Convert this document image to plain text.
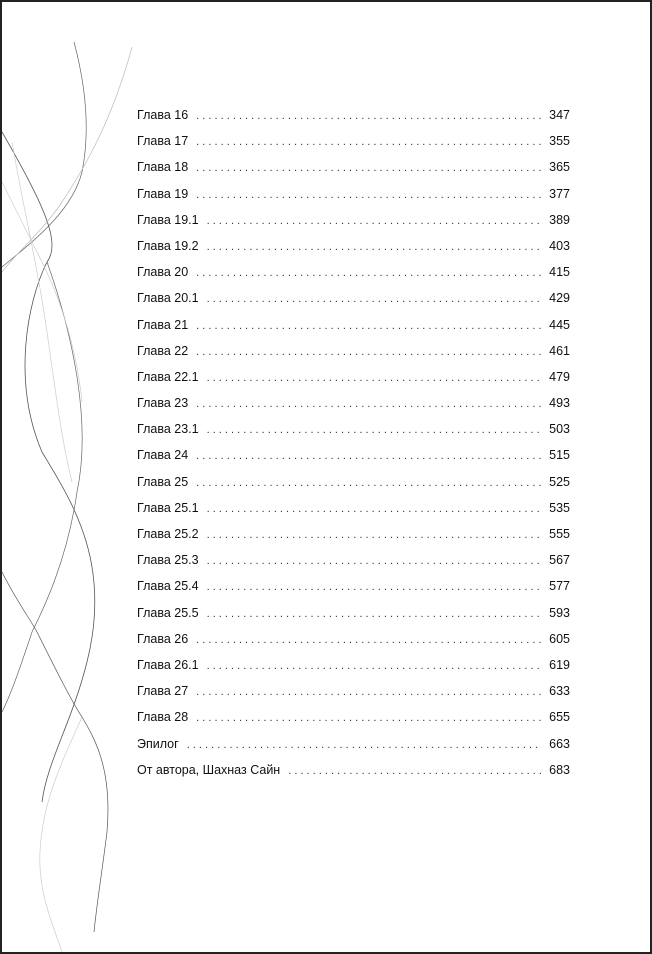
Глава 16 . . .	347
Глава 17 . . .	355
Глава 18 . . .	365
Глава 19 . . .	377
Глава 19.1 . . .	389
Глава 19.2 . . .	403
Глава 20 . . .	415
Глава 20.1 . . .	429
Глава 21 . . .	445
Глава 22 . . .	461
Глава 22.1 . . .	479
Глава 23 . . .	493
Глава 23.1 . . .	503
Глава 24 . . .	515
Глава 25 . . .	525
Глава 25.1 . . .	535
Глава 25.2 . . .	555
Глава 25.3 . . .	567
Глава 25.4 . . .	577
Глава 25.5 . . .	593
Глава 26 . . .	605
Глава 26.1 . . .	619
Глава 27 . . .	633
Глава 28 . . .	655
Эпилог . . .	663
От автора, Шахназ Сайн . . .	683
